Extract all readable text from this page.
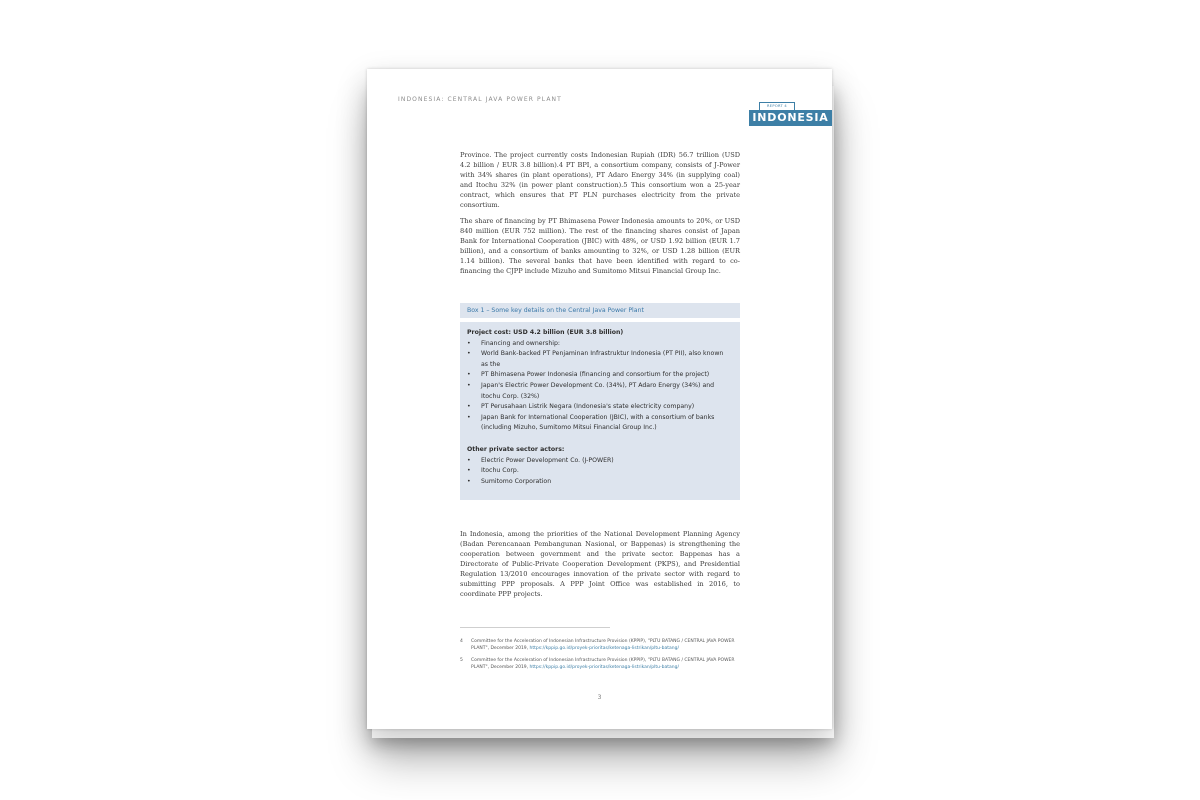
INDONESIA: CENTRAL JAVA POWER PLANT
REPORT 4
INDONESIA

Province. The project currently costs Indonesian Rupiah (IDR) 56.7 trillion (USD 4.2 billion / EUR 3.8 billion).4 PT BPI, a consortium company, consists of J-Power with 34% shares (in plant operations), PT Adaro Energy 34% (in supplying coal) and Itochu 32% (in power plant construction).5 This consortium won a 25-year contract, which ensures that PT PLN purchases electricity from the private consortium.

The share of financing by PT Bhimasena Power Indonesia amounts to 20%, or USD 840 million (EUR 752 million). The rest of the financing shares consist of Japan Bank for International Cooperation (JBIC) with 48%, or USD 1.92 billion (EUR 1.7 billion), and a consortium of banks amounting to 32%, or USD 1.28 billion (EUR 1.14 billion). The several banks that have been identified with regard to co-financing the CJPP include Mizuho and Sumitomo Mitsui Financial Group Inc.

Box 1 – Some key details on the Central Java Power Plant
Project cost: USD 4.2 billion (EUR 3.8 billion)
• Financing and ownership:
• World Bank-backed PT Penjaminan Infrastruktur Indonesia (PT PII), also known as the
• PT Bhimasena Power Indonesia (financing and consortium for the project)
• Japan's Electric Power Development Co. (34%), PT Adaro Energy (34%) and Itochu Corp. (32%)
• PT Perusahaan Listrik Negara (Indonesia's state electricity company)
• Japan Bank for International Cooperation (JBIC), with a consortium of banks (including Mizuho, Sumitomo Mitsui Financial Group Inc.)
Other private sector actors:
• Electric Power Development Co. (J-POWER)
• Itochu Corp.
• Sumitomo Corporation

In Indonesia, among the priorities of the National Development Planning Agency (Badan Perencanaan Pembangunan Nasional, or Bappenas) is strengthening the cooperation between government and the private sector. Bappenas has a Directorate of Public-Private Cooperation Development (PKPS), and Presidential Regulation 13/2010 encourages innovation of the private sector with regard to submitting PPP proposals. A PPP Joint Office was established in 2016, to coordinate PPP projects.

4 Committee for the Acceleration of Indonesian Infrastructure Provision (KPPIP), "PLTU BATANG / CENTRAL JAVA POWER PLANT", December 2019, https://kppip.go.id/proyek-prioritas/ketenaga-listrikan/pltu-batang/
5 Committee for the Acceleration of Indonesian Infrastructure Provision (KPPIP), "PLTU BATANG / CENTRAL JAVA POWER PLANT", December 2019, https://kppip.go.id/proyek-prioritas/ketenaga-listrikan/pltu-batang/
3
